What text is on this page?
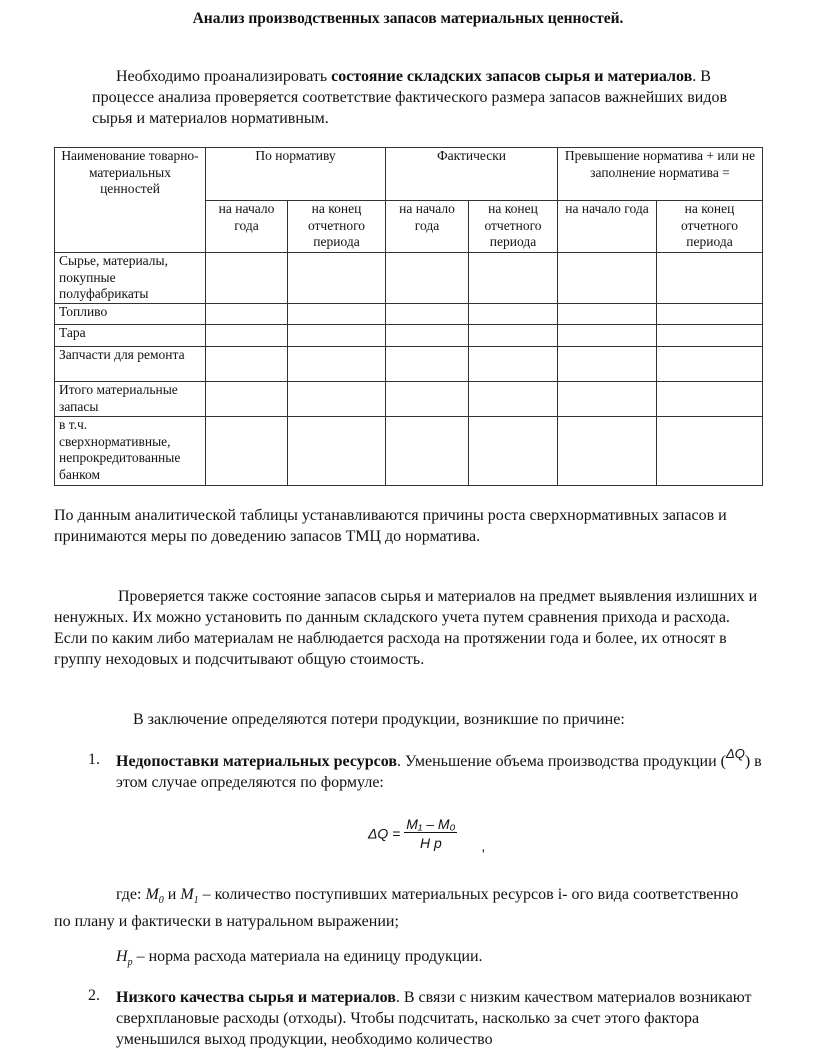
Анализ производственных запасов материальных ценностей.
Необходимо проанализировать состояние складских запасов сырья и материалов. В процессе анализа проверяется соответствие фактического размера запасов важнейших видов сырья и материалов нормативным.
Наименование товарно-материальных ценностей	По нормативу		Фактически		Превышение норматива + или не заполнение норматива =	
	на начало года	на конец отчетного периода	на начало года	на конец отчетного периода	на начало года	на конец отчетного периода
Сырье, материалы, покупные полуфабрикаты						
Топливо						
Тара						
Запчасти для ремонта						
Итого материальные запасы						
в т.ч. сверхнормативные, непрокредитованные банком						
По данным аналитической таблицы устанавливаются причины роста сверхнормативных запасов и принимаются меры по доведению запасов ТМЦ до норматива.
Проверяется также состояние запасов сырья и материалов на предмет выявления излишних и ненужных. Их можно установить по данным складского учета путем сравнения прихода и расхода. Если по каким либо материалам не наблюдается расхода на протяжении года и более, их относят в группу неходовых и подсчитывают общую стоимость.
В заключение определяются потери продукции, возникшие по причине:
1. Недопоставки материальных ресурсов. Уменьшение объема производства продукции ($^{\Delta Q}$) в этом случае определяются по формуле:
$\Delta Q = \frac{\text{M₁ – M₀}}{\text{H p}}$ ,
где: $M_0$ и $M_1$ – количество поступивших материальных ресурсов i- ого вида соответственно по плану и фактически в натуральном выражении;
$H_p$ – норма расхода материала на единицу продукции.
2. Низкого качества сырья и материалов. В связи с низким качеством материалов возникают сверхплановые расходы (отходы). Чтобы подсчитать, насколько за счет этого фактора уменьшился выход продукции, необходимо количество
